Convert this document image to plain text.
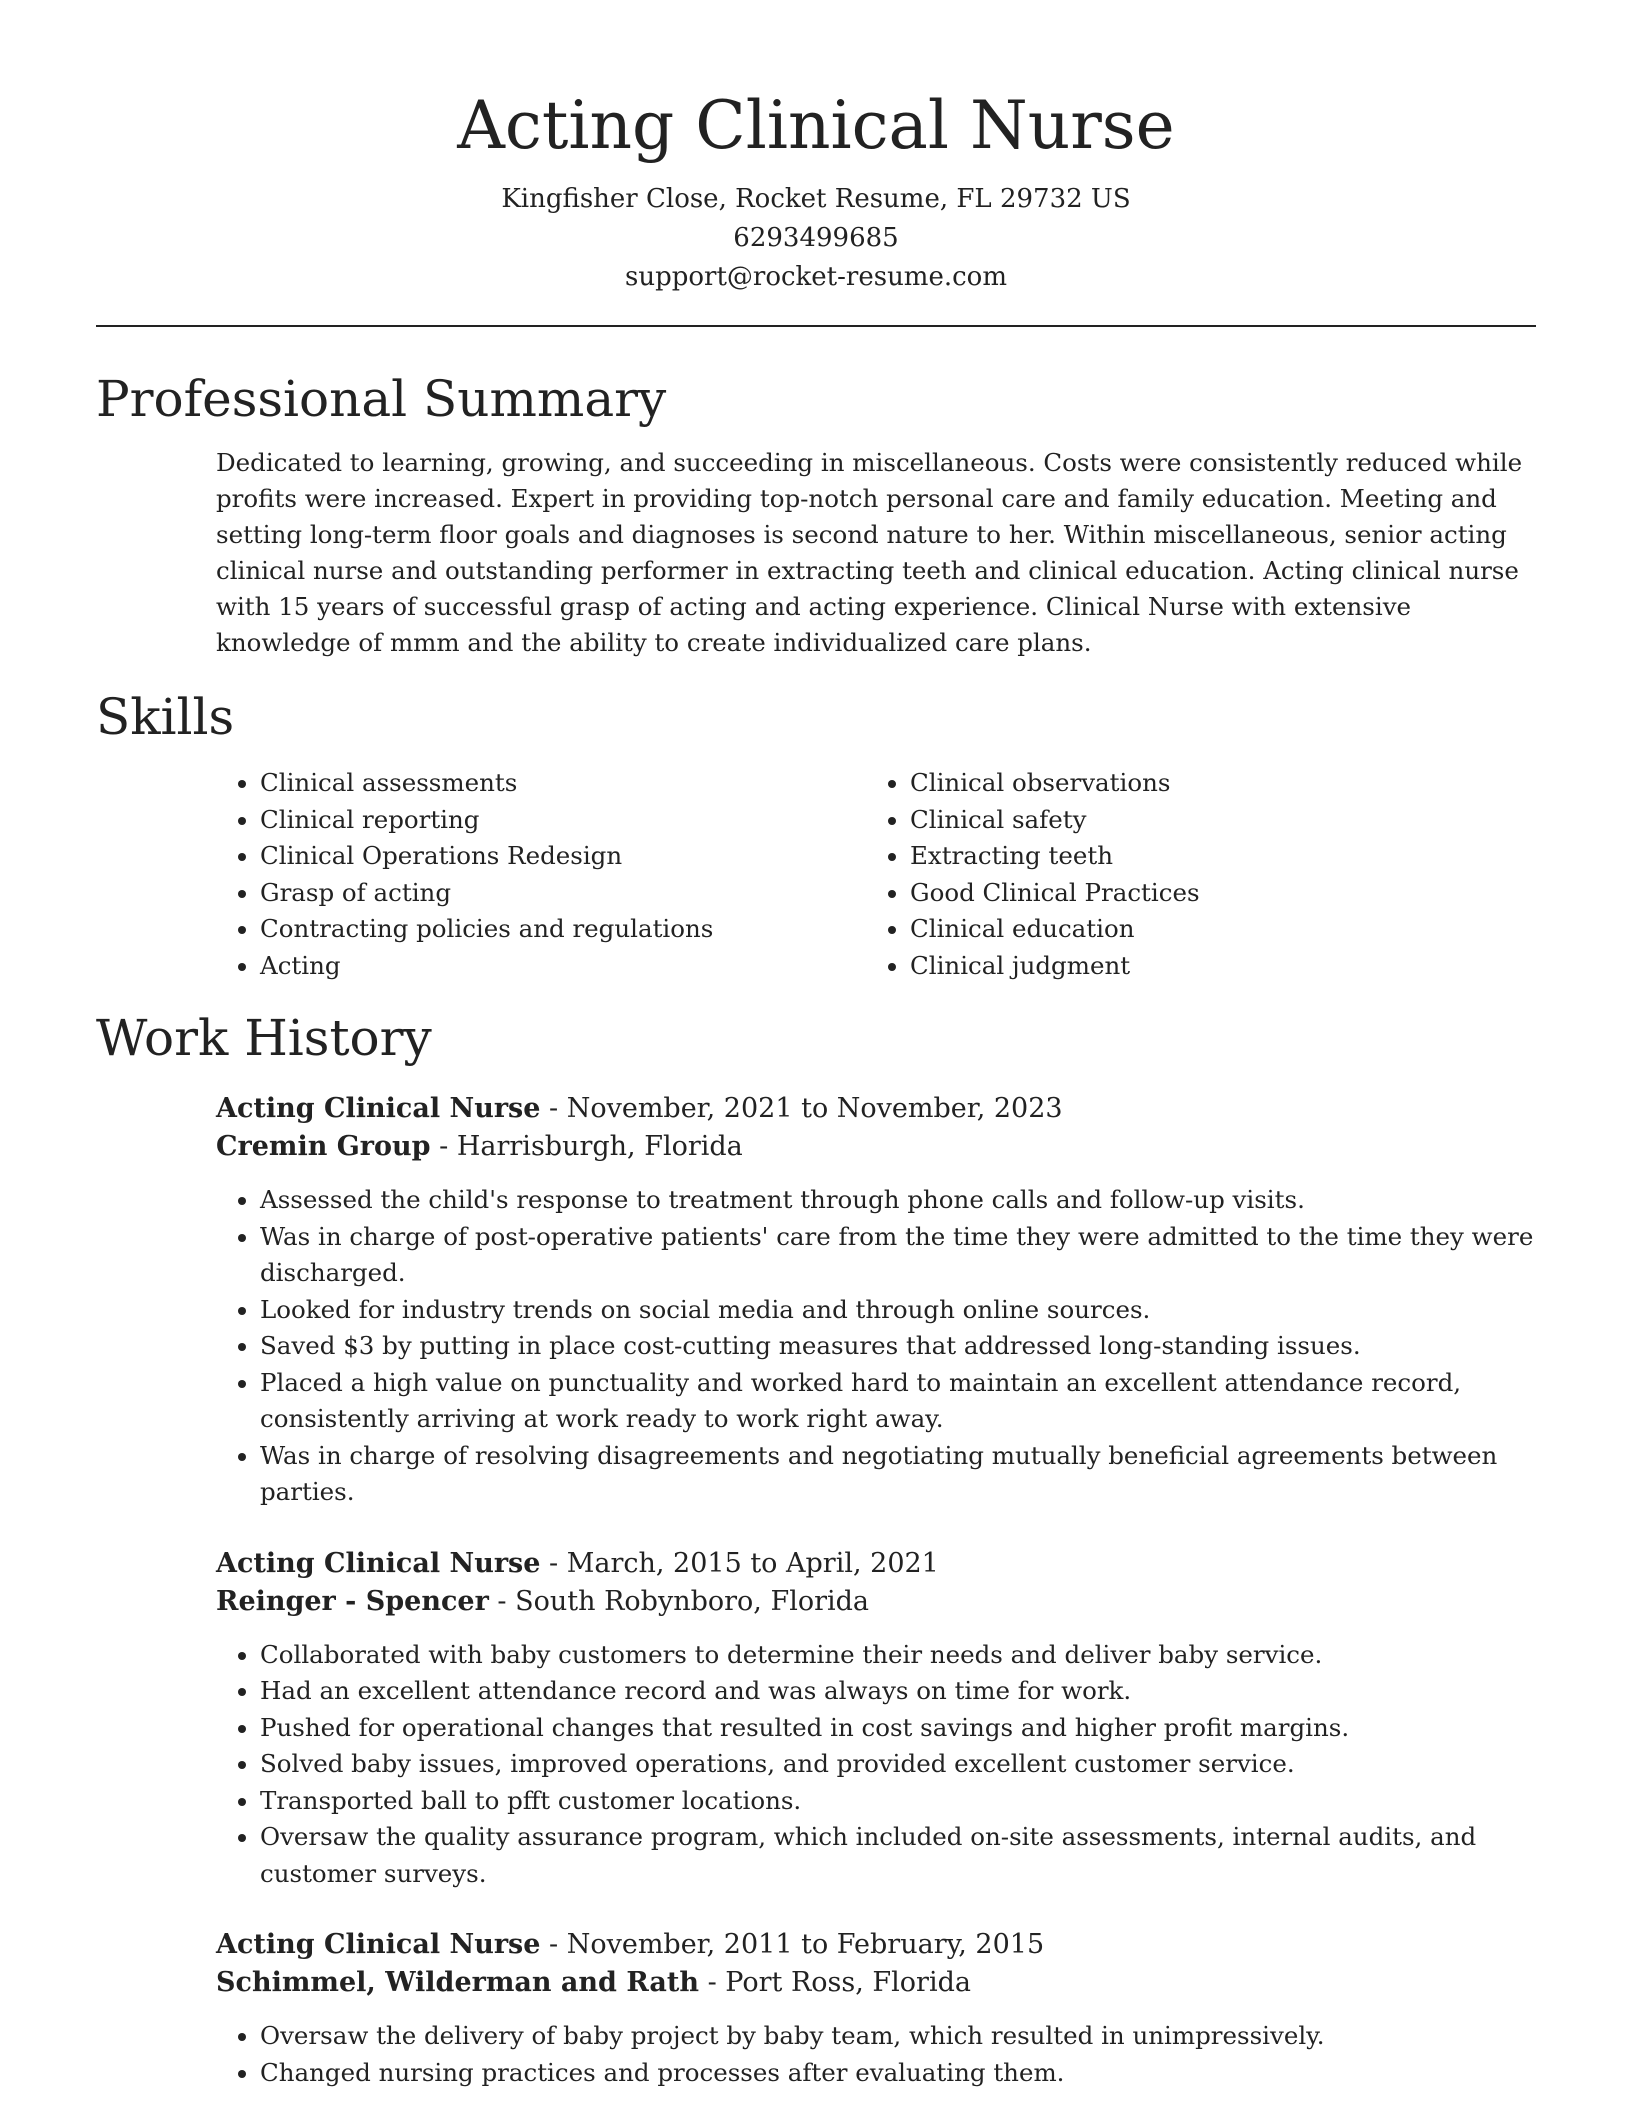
Acting Clinical Nurse
Kingfisher Close, Rocket Resume, FL 29732 US
6293499685
support@rocket-resume.com
Professional Summary

Dedicated to learning, growing, and succeeding in miscellaneous. Costs were consistently reduced while profits were increased. Expert in providing top-notch personal care and family education. Meeting and setting long-term floor goals and diagnoses is second nature to her. Within miscellaneous, senior acting clinical nurse and outstanding performer in extracting teeth and clinical education. Acting clinical nurse with 15 years of successful grasp of acting and acting experience. Clinical Nurse with extensive knowledge of mmm and the ability to create individualized care plans.

Skills
• Clinical assessments
• Clinical reporting
• Clinical Operations Redesign
• Grasp of acting
• Contracting policies and regulations
• Acting
• Clinical observations
• Clinical safety
• Extracting teeth
• Good Clinical Practices
• Clinical education
• Clinical judgment
Work History
Acting Clinical Nurse - November, 2021 to November, 2023
Cremin Group - Harrisburgh, Florida
• Assessed the child's response to treatment through phone calls and follow-up visits.
• Was in charge of post-operative patients' care from the time they were admitted to the time they were discharged.
• Looked for industry trends on social media and through online sources.
• Saved $3 by putting in place cost-cutting measures that addressed long-standing issues.
• Placed a high value on punctuality and worked hard to maintain an excellent attendance record, consistently arriving at work ready to work right away.
• Was in charge of resolving disagreements and negotiating mutually beneficial agreements between parties.
Acting Clinical Nurse - March, 2015 to April, 2021
Reinger - Spencer - South Robynboro, Florida
• Collaborated with baby customers to determine their needs and deliver baby service.
• Had an excellent attendance record and was always on time for work.
• Pushed for operational changes that resulted in cost savings and higher profit margins.
• Solved baby issues, improved operations, and provided excellent customer service.
• Transported ball to pfft customer locations.
• Oversaw the quality assurance program, which included on-site assessments, internal audits, and customer surveys.
Acting Clinical Nurse - November, 2011 to February, 2015
Schimmel, Wilderman and Rath - Port Ross, Florida
• Oversaw the delivery of baby project by baby team, which resulted in unimpressively.
• Changed nursing practices and processes after evaluating them.
